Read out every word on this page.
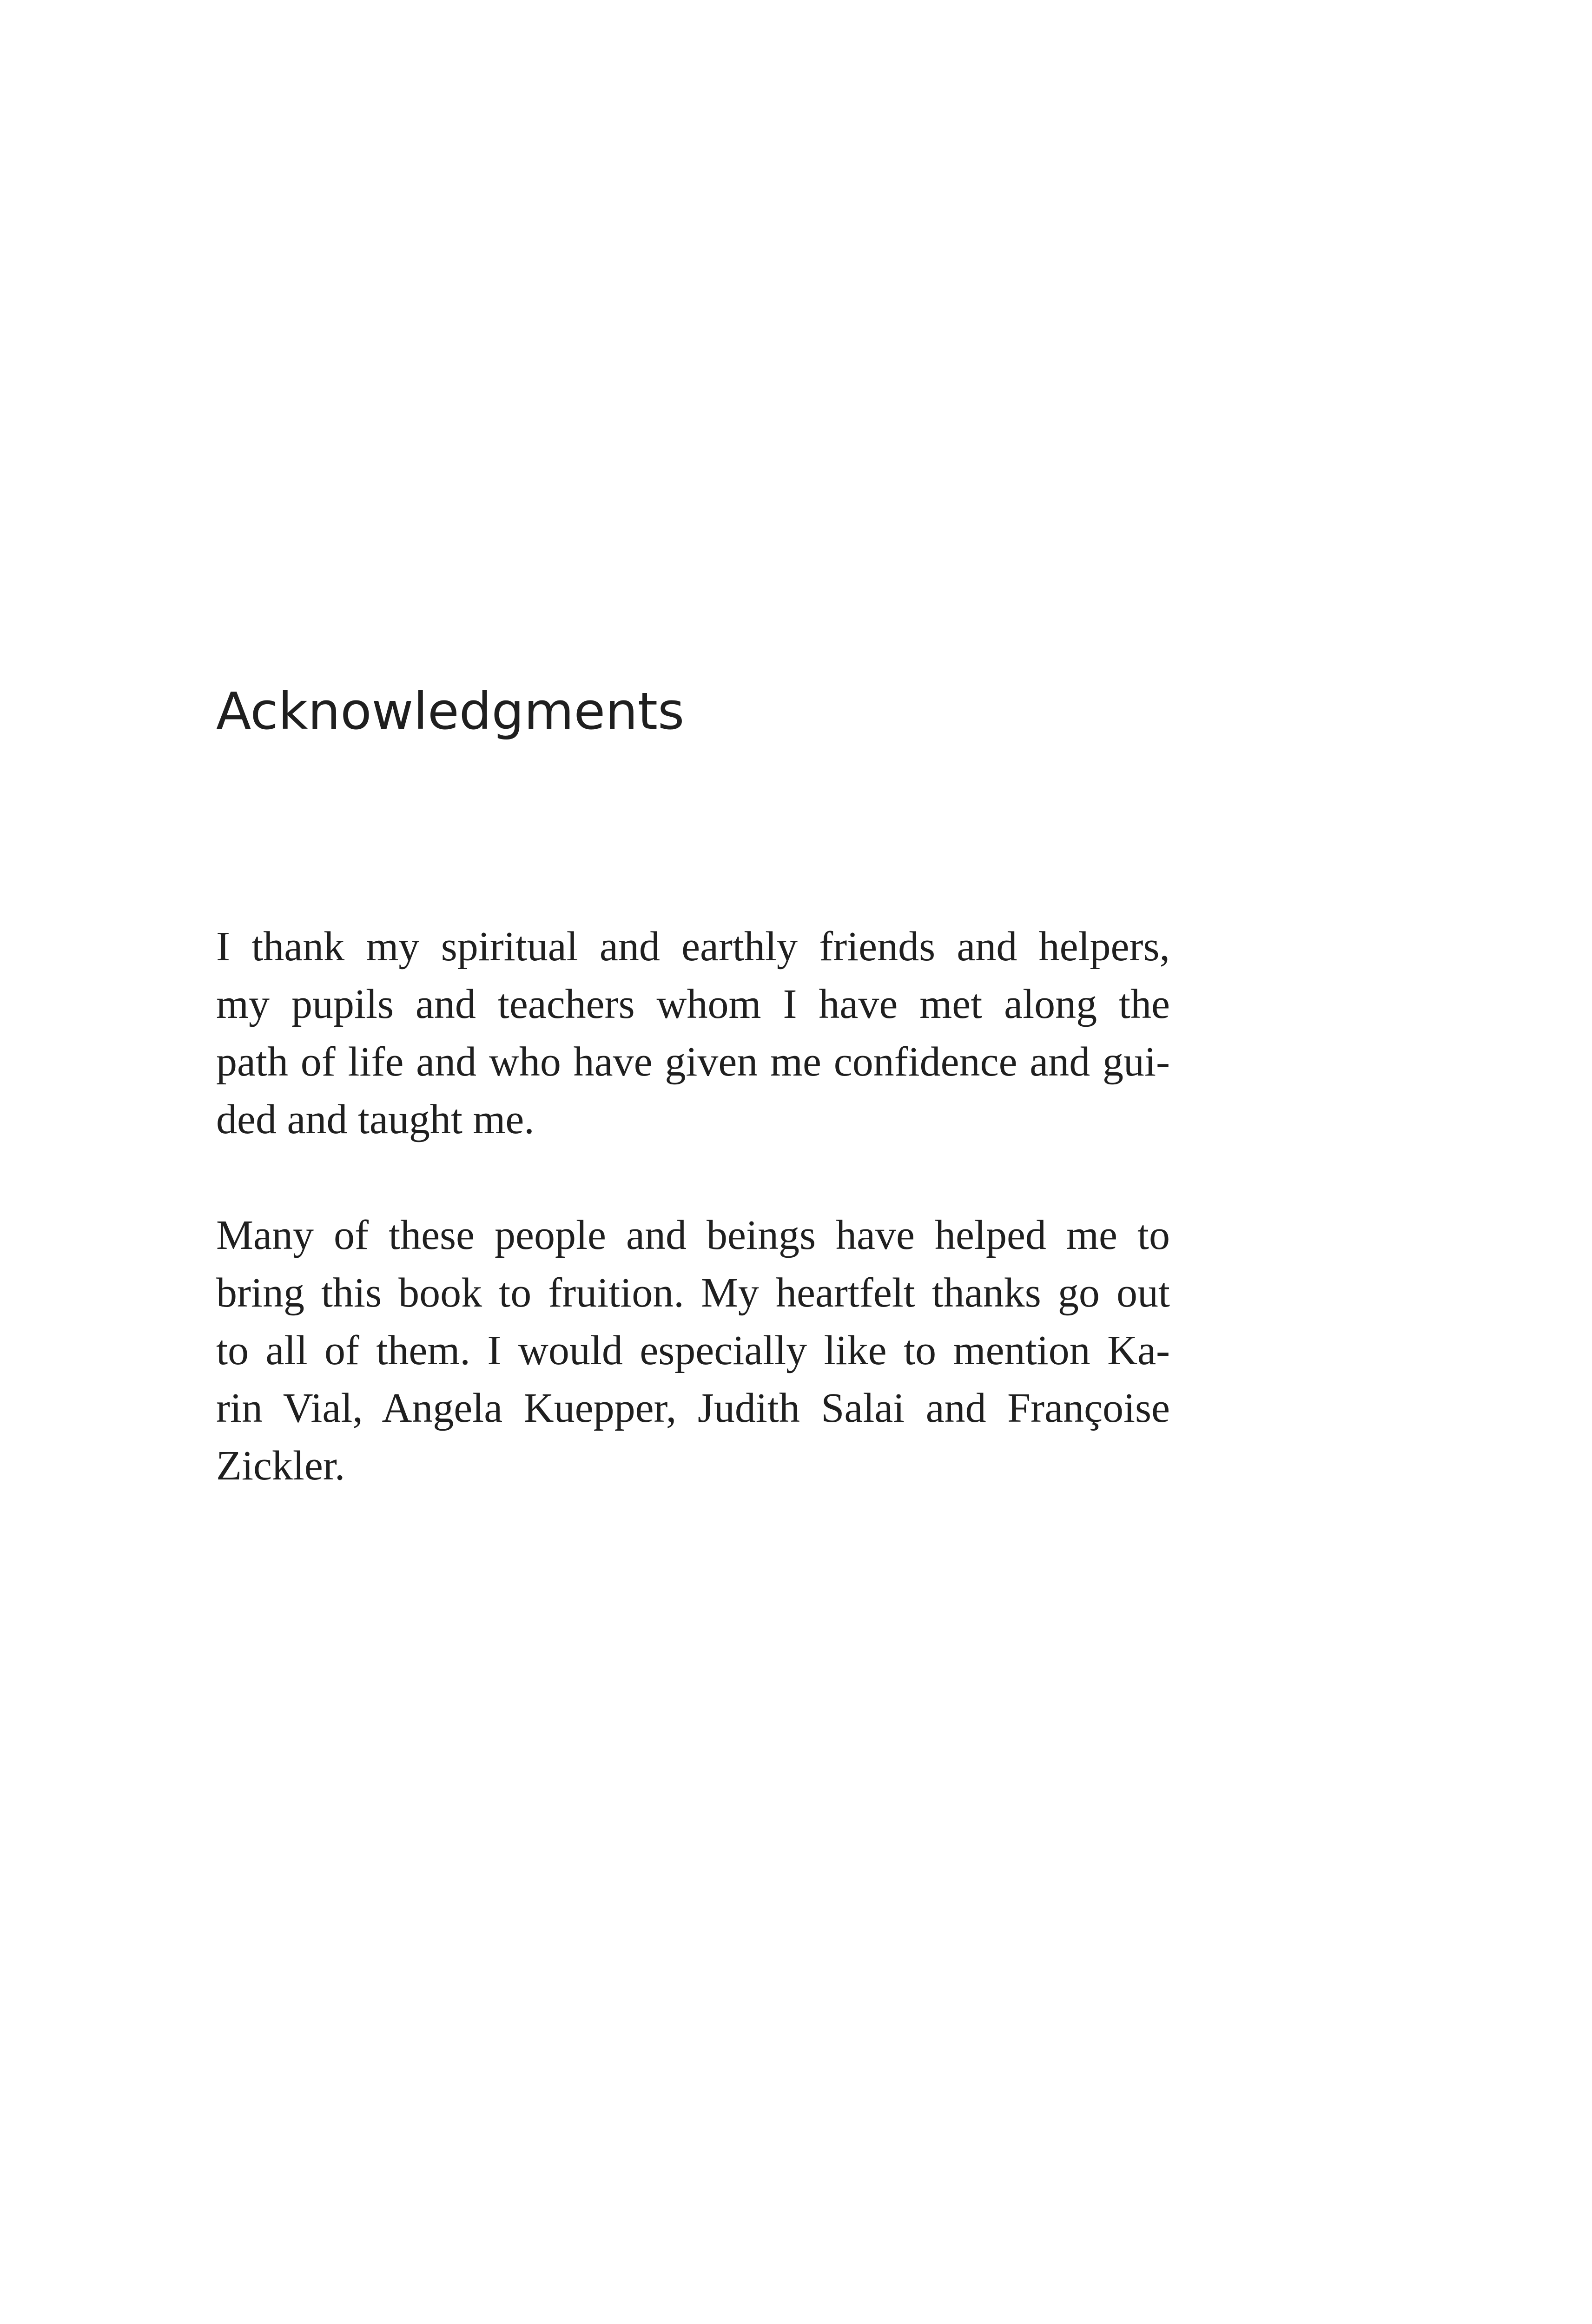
Acknowledgments
I thank my spiritual and earthly friends and helpers,
my pupils and teachers whom I have met along the
path of life and who have given me confidence and gui-
ded and taught me.
Many of these people and beings have helped me to
bring this book to fruition. My heartfelt thanks go out
to all of them. I would especially like to mention Ka-
rin Vial, Angela Kuepper, Judith Salai and Françoise
Zickler.
